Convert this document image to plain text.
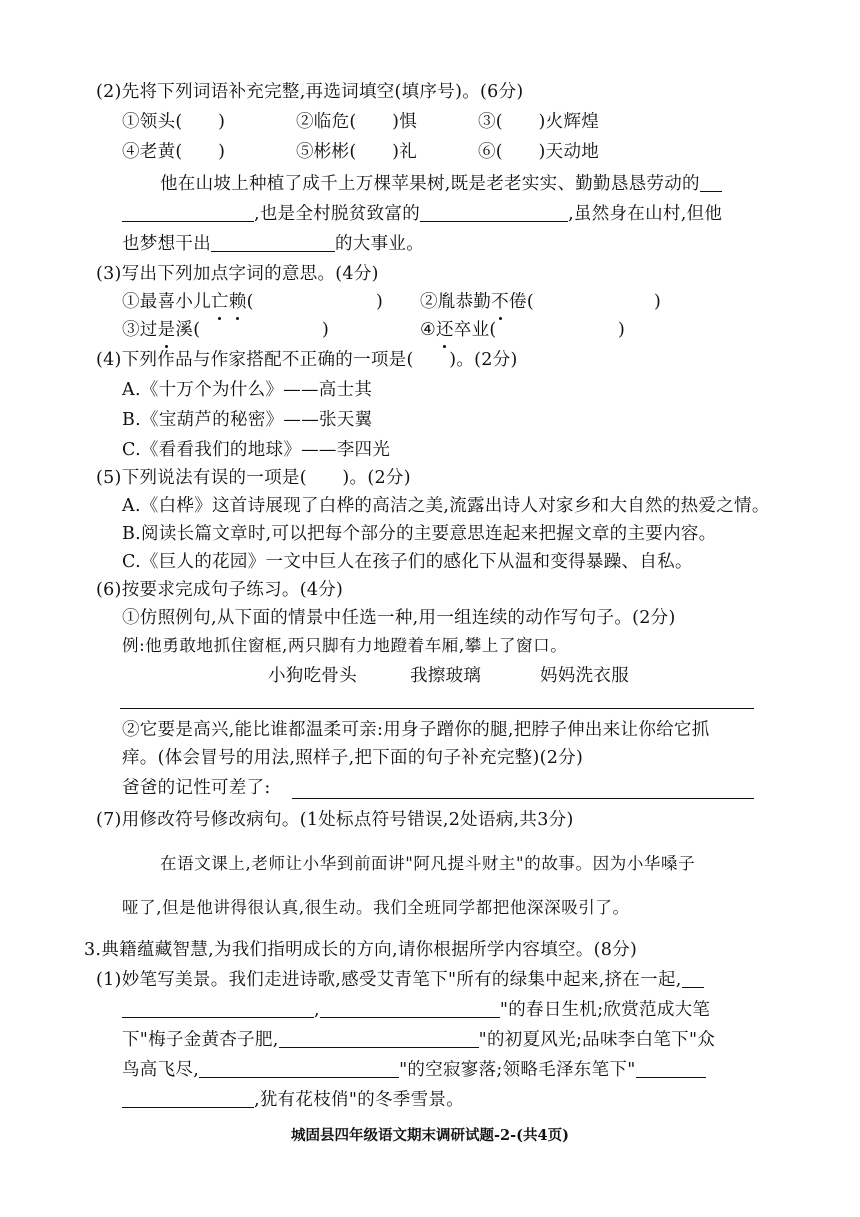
(2)先将下列词语补充完整,再选词填空(填序号)。(6分)
①领头(　　)	②临危(　　)惧	③(　　)火辉煌
④老黄(　　)	⑤彬彬(　　)礼	⑥(　　)天动地
他在山坡上种植了成千上万棵苹果树,既是老老实实、勤勤恳恳劳动的
,也是全村脱贫致富的	,虽然身在山村,但他
也梦想干出	的大事业。
(3)写出下列加点字词的意思。(4分)
①最喜小儿亡赖(	) ②胤恭勤不倦(	)
③过是溪(	)	④还卒业(	)
(4)下列作品与作家搭配不正确的一项是(　　)。(2分)
A.《十万个为什么》——高士其
B.《宝葫芦的秘密》——张天翼
C.《看看我们的地球》——李四光
(5)下列说法有误的一项是(　　)。(2分)
A.《白桦》这首诗展现了白桦的高洁之美,流露出诗人对家乡和大自然的热爱之情。
B.阅读长篇文章时,可以把每个部分的主要意思连起来把握文章的主要内容。
C.《巨人的花园》一文中巨人在孩子们的感化下从温和变得暴躁、自私。
(6)按要求完成句子练习。(4分)
①仿照例句,从下面的情景中任选一种,用一组连续的动作写句子。(2分)
例:他勇敢地抓住窗框,两只脚有力地蹬着车厢,攀上了窗口。
小狗吃骨头	我擦玻璃	妈妈洗衣服
②它要是高兴,能比谁都温柔可亲:用身子蹭你的腿,把脖子伸出来让你给它抓
痒。(体会冒号的用法,照样子,把下面的句子补充完整)(2分)
爸爸的记性可差了:
(7)用修改符号修改病句。(1处标点符号错误,2处语病,共3分)
在语文课上,老师让小华到前面讲"阿凡提斗财主"的故事。因为小华嗓子
哑了,但是他讲得很认真,很生动。我们全班同学都把他深深吸引了。
3.典籍蕴藏智慧,为我们指明成长的方向,请你根据所学内容填空。(8分)
(1)妙笔写美景。我们走进诗歌,感受艾青笔下"所有的绿集中起来,挤在一起,
,	"的春日生机;欣赏范成大笔
下"梅子金黄杏子肥,	"的初夏风光;品味李白笔下"众
鸟高飞尽,	"的空寂寥落;领略毛泽东笔下"
,犹有花枝俏"的冬季雪景。
城固县四年级语文期末调研试题-2-(共4页)
